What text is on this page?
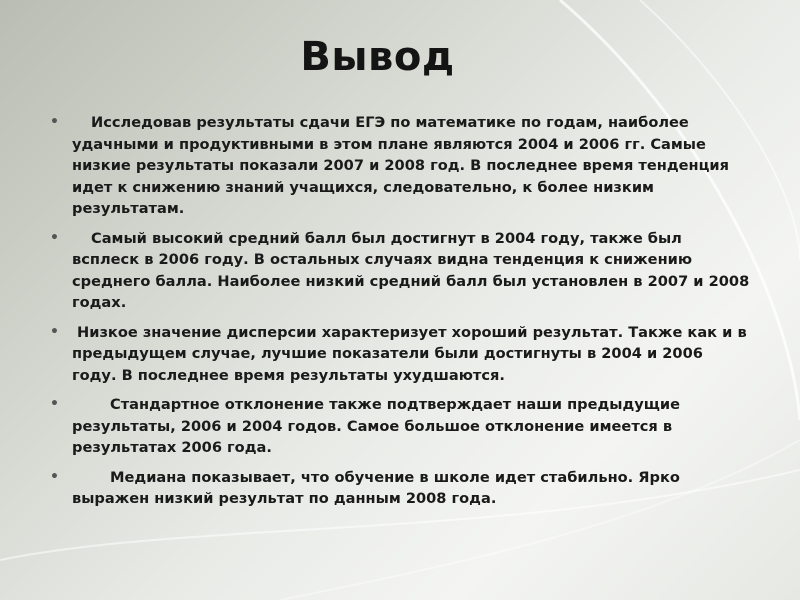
Вывод
• Исследовав результаты сдачи ЕГЭ по математике по годам, наиболее удачными и продуктивными в этом плане являются 2004 и 2006 гг. Самые низкие результаты показали 2007 и 2008 год. В последнее время тенденция идет к снижению знаний учащихся, следовательно, к более низким результатам.
• Самый высокий средний балл был достигнут в 2004 году, также был всплеск в 2006 году. В остальных случаях видна тенденция к снижению среднего балла. Наиболее низкий средний балл был установлен в 2007 и 2008 годах.
• Низкое значение дисперсии характеризует хороший результат. Также как и в предыдущем случае, лучшие показатели были достигнуты в 2004 и 2006 году. В последнее время результаты ухудшаются.
•	Стандартное отклонение также подтверждает наши предыдущие результаты, 2006 и 2004 годов. Самое большое отклонение имеется в результатах 2006 года.
•	Медиана показывает, что обучение в школе идет стабильно. Ярко выражен низкий результат по данным 2008 года.
